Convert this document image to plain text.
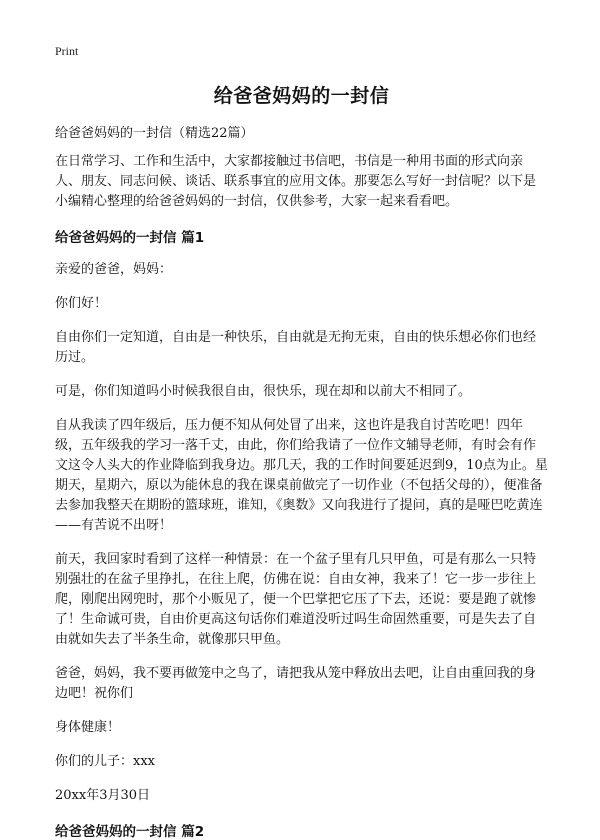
Print
给爸爸妈妈的一封信
给爸爸妈妈的一封信（精选22篇）
在日常学习、工作和生活中，大家都接触过书信吧，书信是一种用书面的形式向亲人、朋友、同志问候、谈话、联系事宜的应用文体。那要怎么写好一封信呢？以下是小编精心整理的给爸爸妈妈的一封信，仅供参考，大家一起来看看吧。
给爸爸妈妈的一封信 篇1
亲爱的爸爸，妈妈：
你们好！
自由你们一定知道，自由是一种快乐，自由就是无拘无束，自由的快乐想必你们也经历过。
可是，你们知道吗小时候我很自由，很快乐，现在却和以前大不相同了。
自从我读了四年级后，压力便不知从何处冒了出来，这也许是我自讨苦吃吧！四年级，五年级我的学习一落千丈，由此，你们给我请了一位作文辅导老师，有时会有作文这令人头大的作业降临到我身边。那几天，我的工作时间要延迟到9，10点为止。星期天，星期六，原以为能休息的我在课桌前做完了一切作业（不包括父母的），便准备去参加我整天在期盼的篮球班，谁知，《奥数》又向我进行了提问，真的是哑巴吃黄连——有苦说不出呀！
前天，我回家时看到了这样一种情景：在一个盆子里有几只甲鱼，可是有那么一只特别强壮的在盆子里挣扎，在往上爬，仿佛在说：自由女神，我来了！它一步一步往上爬，刚爬出网兜时，那个小贩见了，便一个巴掌把它压了下去，还说：要是跑了就惨了！生命诚可贵，自由价更高这句话你们难道没听过吗生命固然重要，可是失去了自由就如失去了半条生命，就像那只甲鱼。
爸爸，妈妈，我不要再做笼中之鸟了，请把我从笼中释放出去吧，让自由重回我的身边吧！祝你们
身体健康！
你们的儿子：xxx
20xx年3月30日
给爸爸妈妈的一封信 篇2
